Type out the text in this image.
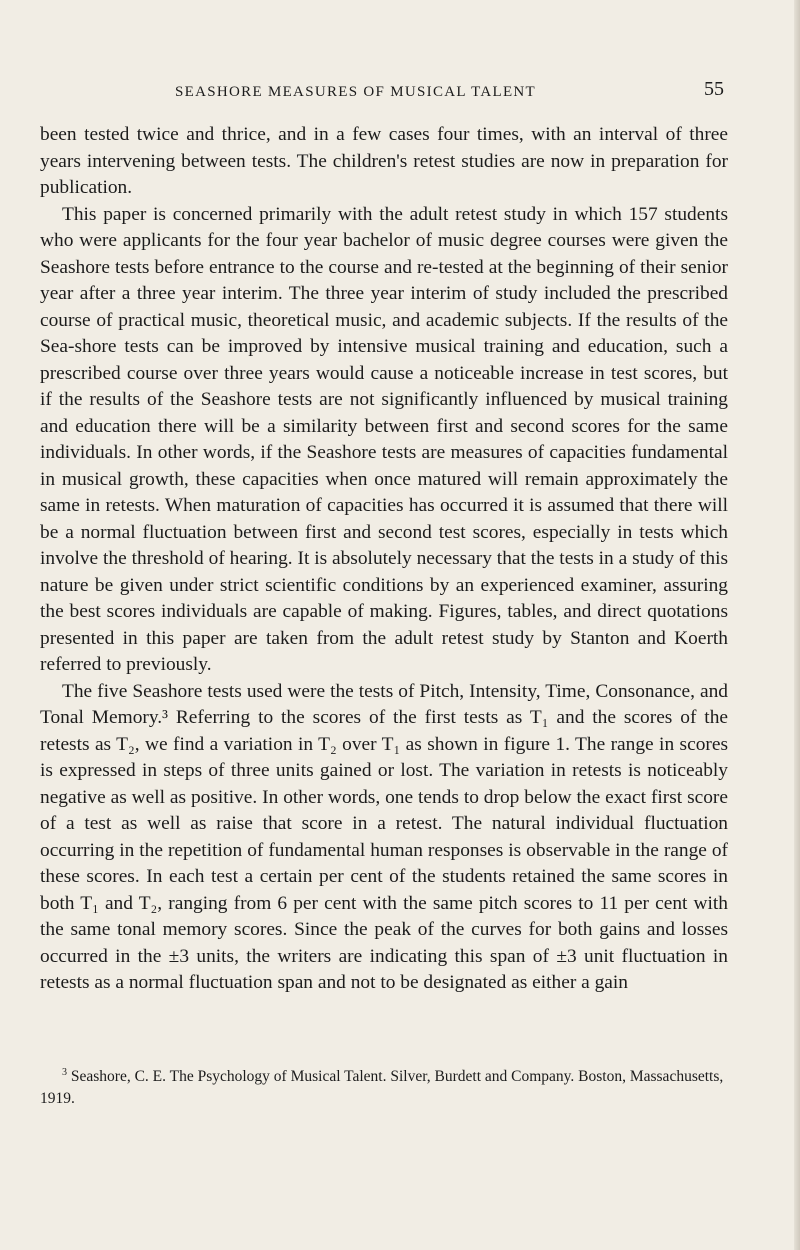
SEASHORE MEASURES OF MUSICAL TALENT	55

been tested twice and thrice, and in a few cases four times, with an interval of three years intervening between tests. The children's retest studies are now in preparation for publication.

This paper is concerned primarily with the adult retest study in which 157 students who were applicants for the four year bachelor of music degree courses were given the Seashore tests before entrance to the course and re-tested at the beginning of their senior year after a three year interim. The three year interim of study included the prescribed course of practical music, theoretical music, and academic subjects. If the results of the Sea-shore tests can be improved by intensive musical training and education, such a prescribed course over three years would cause a noticeable increase in test scores, but if the results of the Seashore tests are not significantly influenced by musical training and education there will be a similarity between first and second scores for the same individuals. In other words, if the Seashore tests are measures of capacities fundamental in musical growth, these capacities when once matured will remain approximately the same in retests. When maturation of capacities has occurred it is assumed that there will be a normal fluctuation between first and second test scores, especially in tests which involve the threshold of hearing. It is absolutely necessary that the tests in a study of this nature be given under strict scientific conditions by an experienced examiner, assuring the best scores individuals are capable of making. Figures, tables, and direct quotations presented in this paper are taken from the adult retest study by Stanton and Koerth referred to previously.

The five Seashore tests used were the tests of Pitch, Intensity, Time, Consonance, and Tonal Memory.³ Referring to the scores of the first tests as T₁ and the scores of the retests as T₂, we find a variation in T₂ over T₁ as shown in figure 1. The range in scores is expressed in steps of three units gained or lost. The variation in retests is noticeably negative as well as positive. In other words, one tends to drop below the exact first score of a test as well as raise that score in a retest. The natural individual fluctuation occurring in the repetition of fundamental human responses is observable in the range of these scores. In each test a certain per cent of the students retained the same scores in both T₁ and T₂, ranging from 6 per cent with the same pitch scores to 11 per cent with the same tonal memory scores. Since the peak of the curves for both gains and losses occurred in the ±3 units, the writers are indicating this span of ±3 unit fluctuation in retests as a normal fluctuation span and not to be designated as either a gain

$^3$ Seashore, C. E. The Psychology of Musical Talent. Silver, Burdett and Company. Boston, Massachusetts, 1919.
